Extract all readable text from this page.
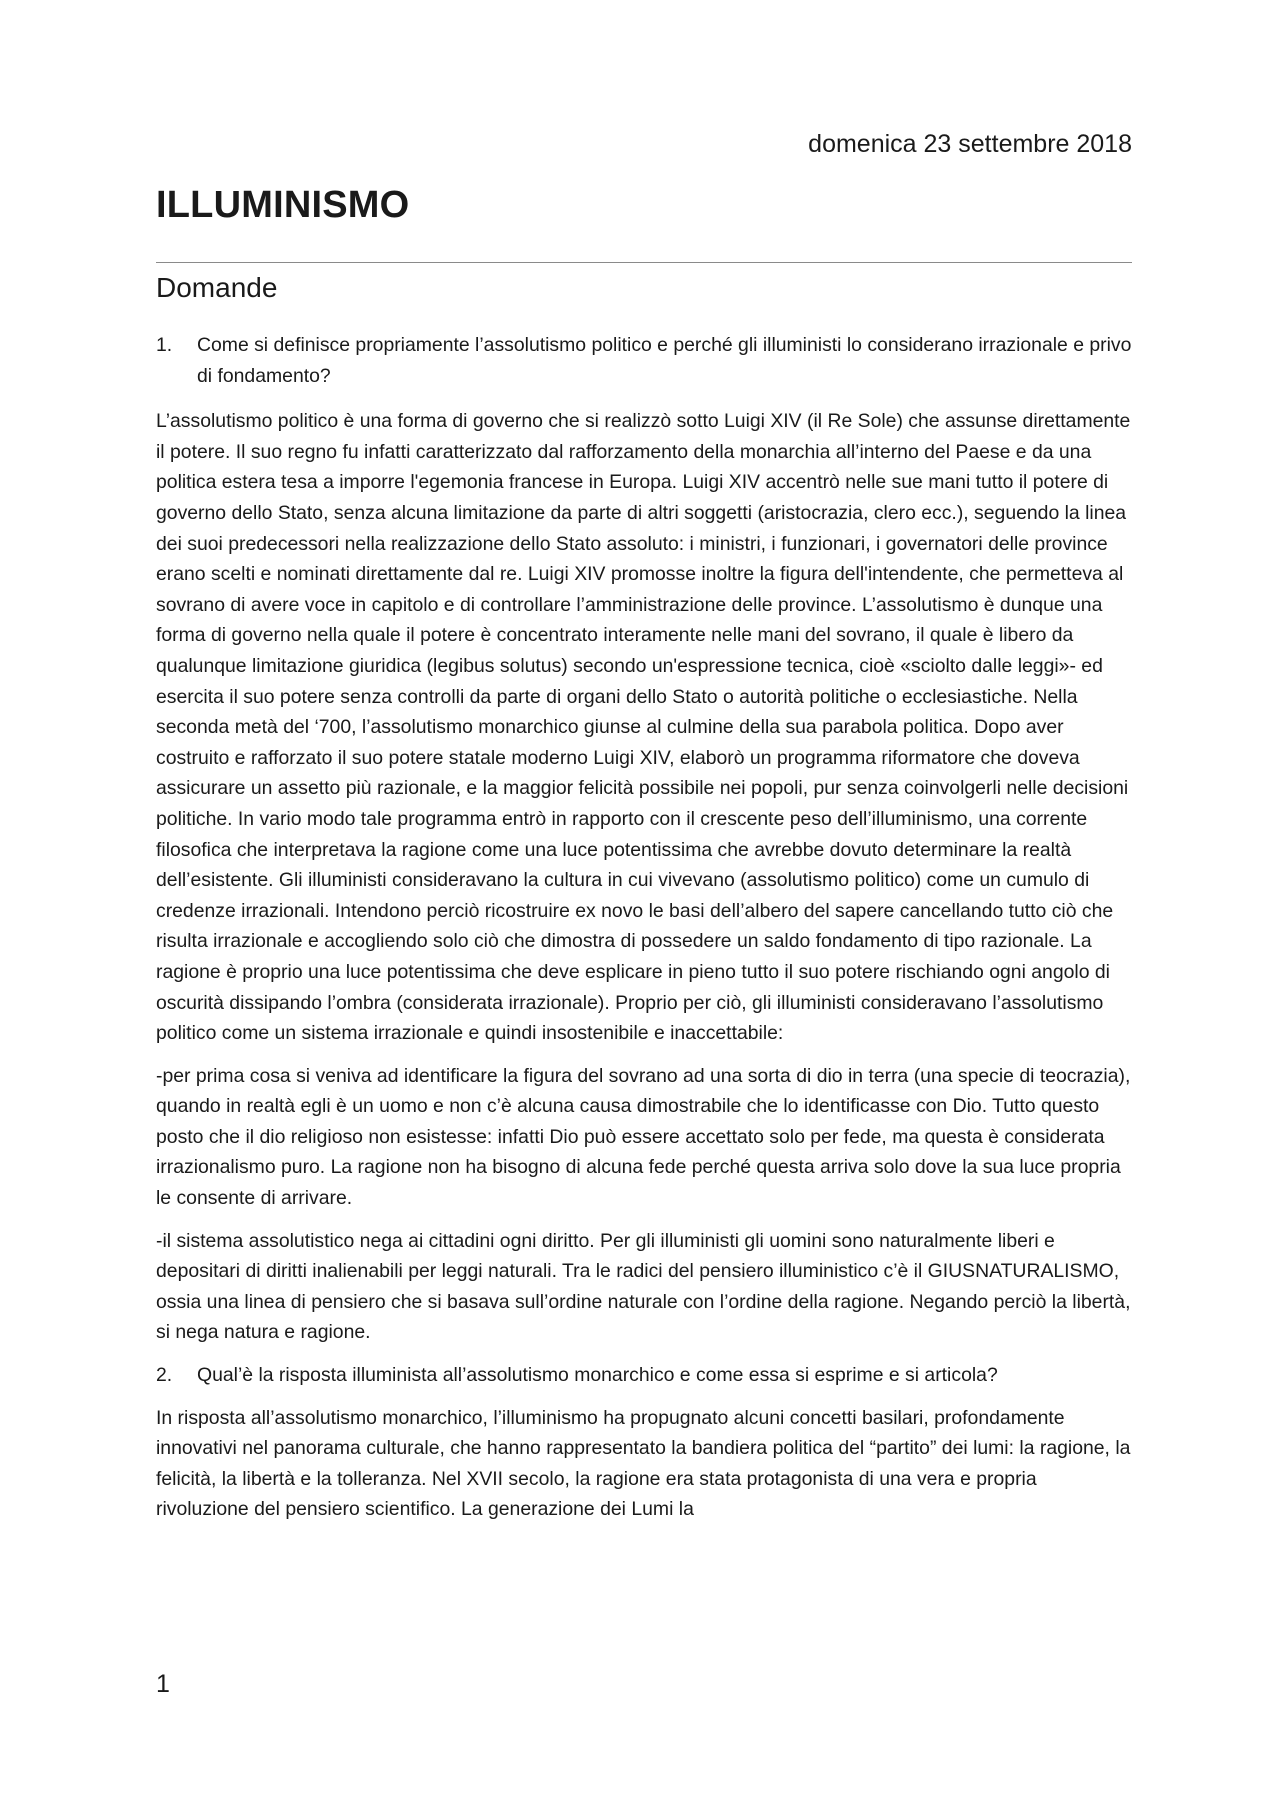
domenica 23 settembre 2018
ILLUMINISMO
Domande
1.	Come si definisce propriamente l’assolutismo politico e perché gli illuministi lo considerano irrazionale e privo di fondamento?

L’assolutismo politico è una forma di governo che si realizzò sotto Luigi XIV (il Re Sole) che assunse direttamente il potere. Il suo regno fu infatti caratterizzato dal rafforzamento della monarchia all’interno del Paese e da una politica estera tesa a imporre l'egemonia francese in Europa. Luigi XIV accentrò nelle sue mani tutto il potere di governo dello Stato, senza alcuna limitazione da parte di altri soggetti (aristocrazia, clero ecc.), seguendo la linea dei suoi predecessori nella realizzazione dello Stato assoluto: i ministri, i funzionari, i governatori delle province erano scelti e nominati direttamente dal re. Luigi XIV promosse inoltre la figura dell'intendente, che permetteva al sovrano di avere voce in capitolo e di controllare l’amministrazione delle province. L’assolutismo è dunque una forma di governo nella quale il potere è concentrato interamente nelle mani del sovrano, il quale è libero da qualunque limitazione giuridica (legibus solutus) secondo un'espressione tecnica, cioè «sciolto dalle leggi»- ed esercita il suo potere senza controlli da parte di organi dello Stato o autorità politiche o ecclesiastiche. Nella seconda metà del ‘700, l’assolutismo monarchico giunse al culmine della sua parabola politica. Dopo aver costruito e rafforzato il suo potere statale moderno Luigi XIV, elaborò un programma riformatore che doveva assicurare un assetto più razionale, e la maggior felicità possibile nei popoli, pur senza coinvolgerli nelle decisioni politiche. In vario modo tale programma entrò in rapporto con il crescente peso dell’illuminismo, una corrente filosofica che interpretava la ragione come una luce potentissima che avrebbe dovuto determinare la realtà dell’esistente. Gli illuministi consideravano la cultura in cui vivevano (assolutismo politico) come un cumulo di credenze irrazionali. Intendono perciò ricostruire ex novo le basi dell’albero del sapere cancellando tutto ciò che risulta irrazionale e accogliendo solo ciò che dimostra di possedere un saldo fondamento di tipo razionale. La ragione è proprio una luce potentissima che deve esplicare in pieno tutto il suo potere rischiando ogni angolo di oscurità dissipando l’ombra (considerata irrazionale). Proprio per ciò, gli illuministi consideravano l’assolutismo politico come un sistema irrazionale e quindi insostenibile e inaccettabile:

-per prima cosa si veniva ad identificare la figura del sovrano ad una sorta di dio in terra (una specie di teocrazia), quando in realtà egli è un uomo e non c’è alcuna causa dimostrabile che lo identificasse con Dio. Tutto questo posto che il dio religioso non esistesse: infatti Dio può essere accettato solo per fede, ma questa è considerata irrazionalismo puro. La ragione non ha bisogno di alcuna fede perché questa arriva solo dove la sua luce propria le consente di arrivare.

-il sistema assolutistico nega ai cittadini ogni diritto. Per gli illuministi gli uomini sono naturalmente liberi e depositari di diritti inalienabili per leggi naturali. Tra le radici del pensiero illuministico c’è il GIUSNATURALISMO, ossia una linea di pensiero che si basava sull’ordine naturale con l’ordine della ragione. Negando perciò la libertà, si nega natura e ragione.

2.	Qual’è la risposta illuminista all’assolutismo monarchico e come essa si esprime e si articola?

In risposta all’assolutismo monarchico, l’illuminismo ha propugnato alcuni concetti basilari, profondamente innovativi nel panorama culturale, che hanno rappresentato la bandiera politica del “partito” dei lumi: la ragione, la felicità, la libertà e la tolleranza. Nel XVII secolo, la ragione era stata protagonista di una vera e propria rivoluzione del pensiero scientifico. La generazione dei Lumi la

1
